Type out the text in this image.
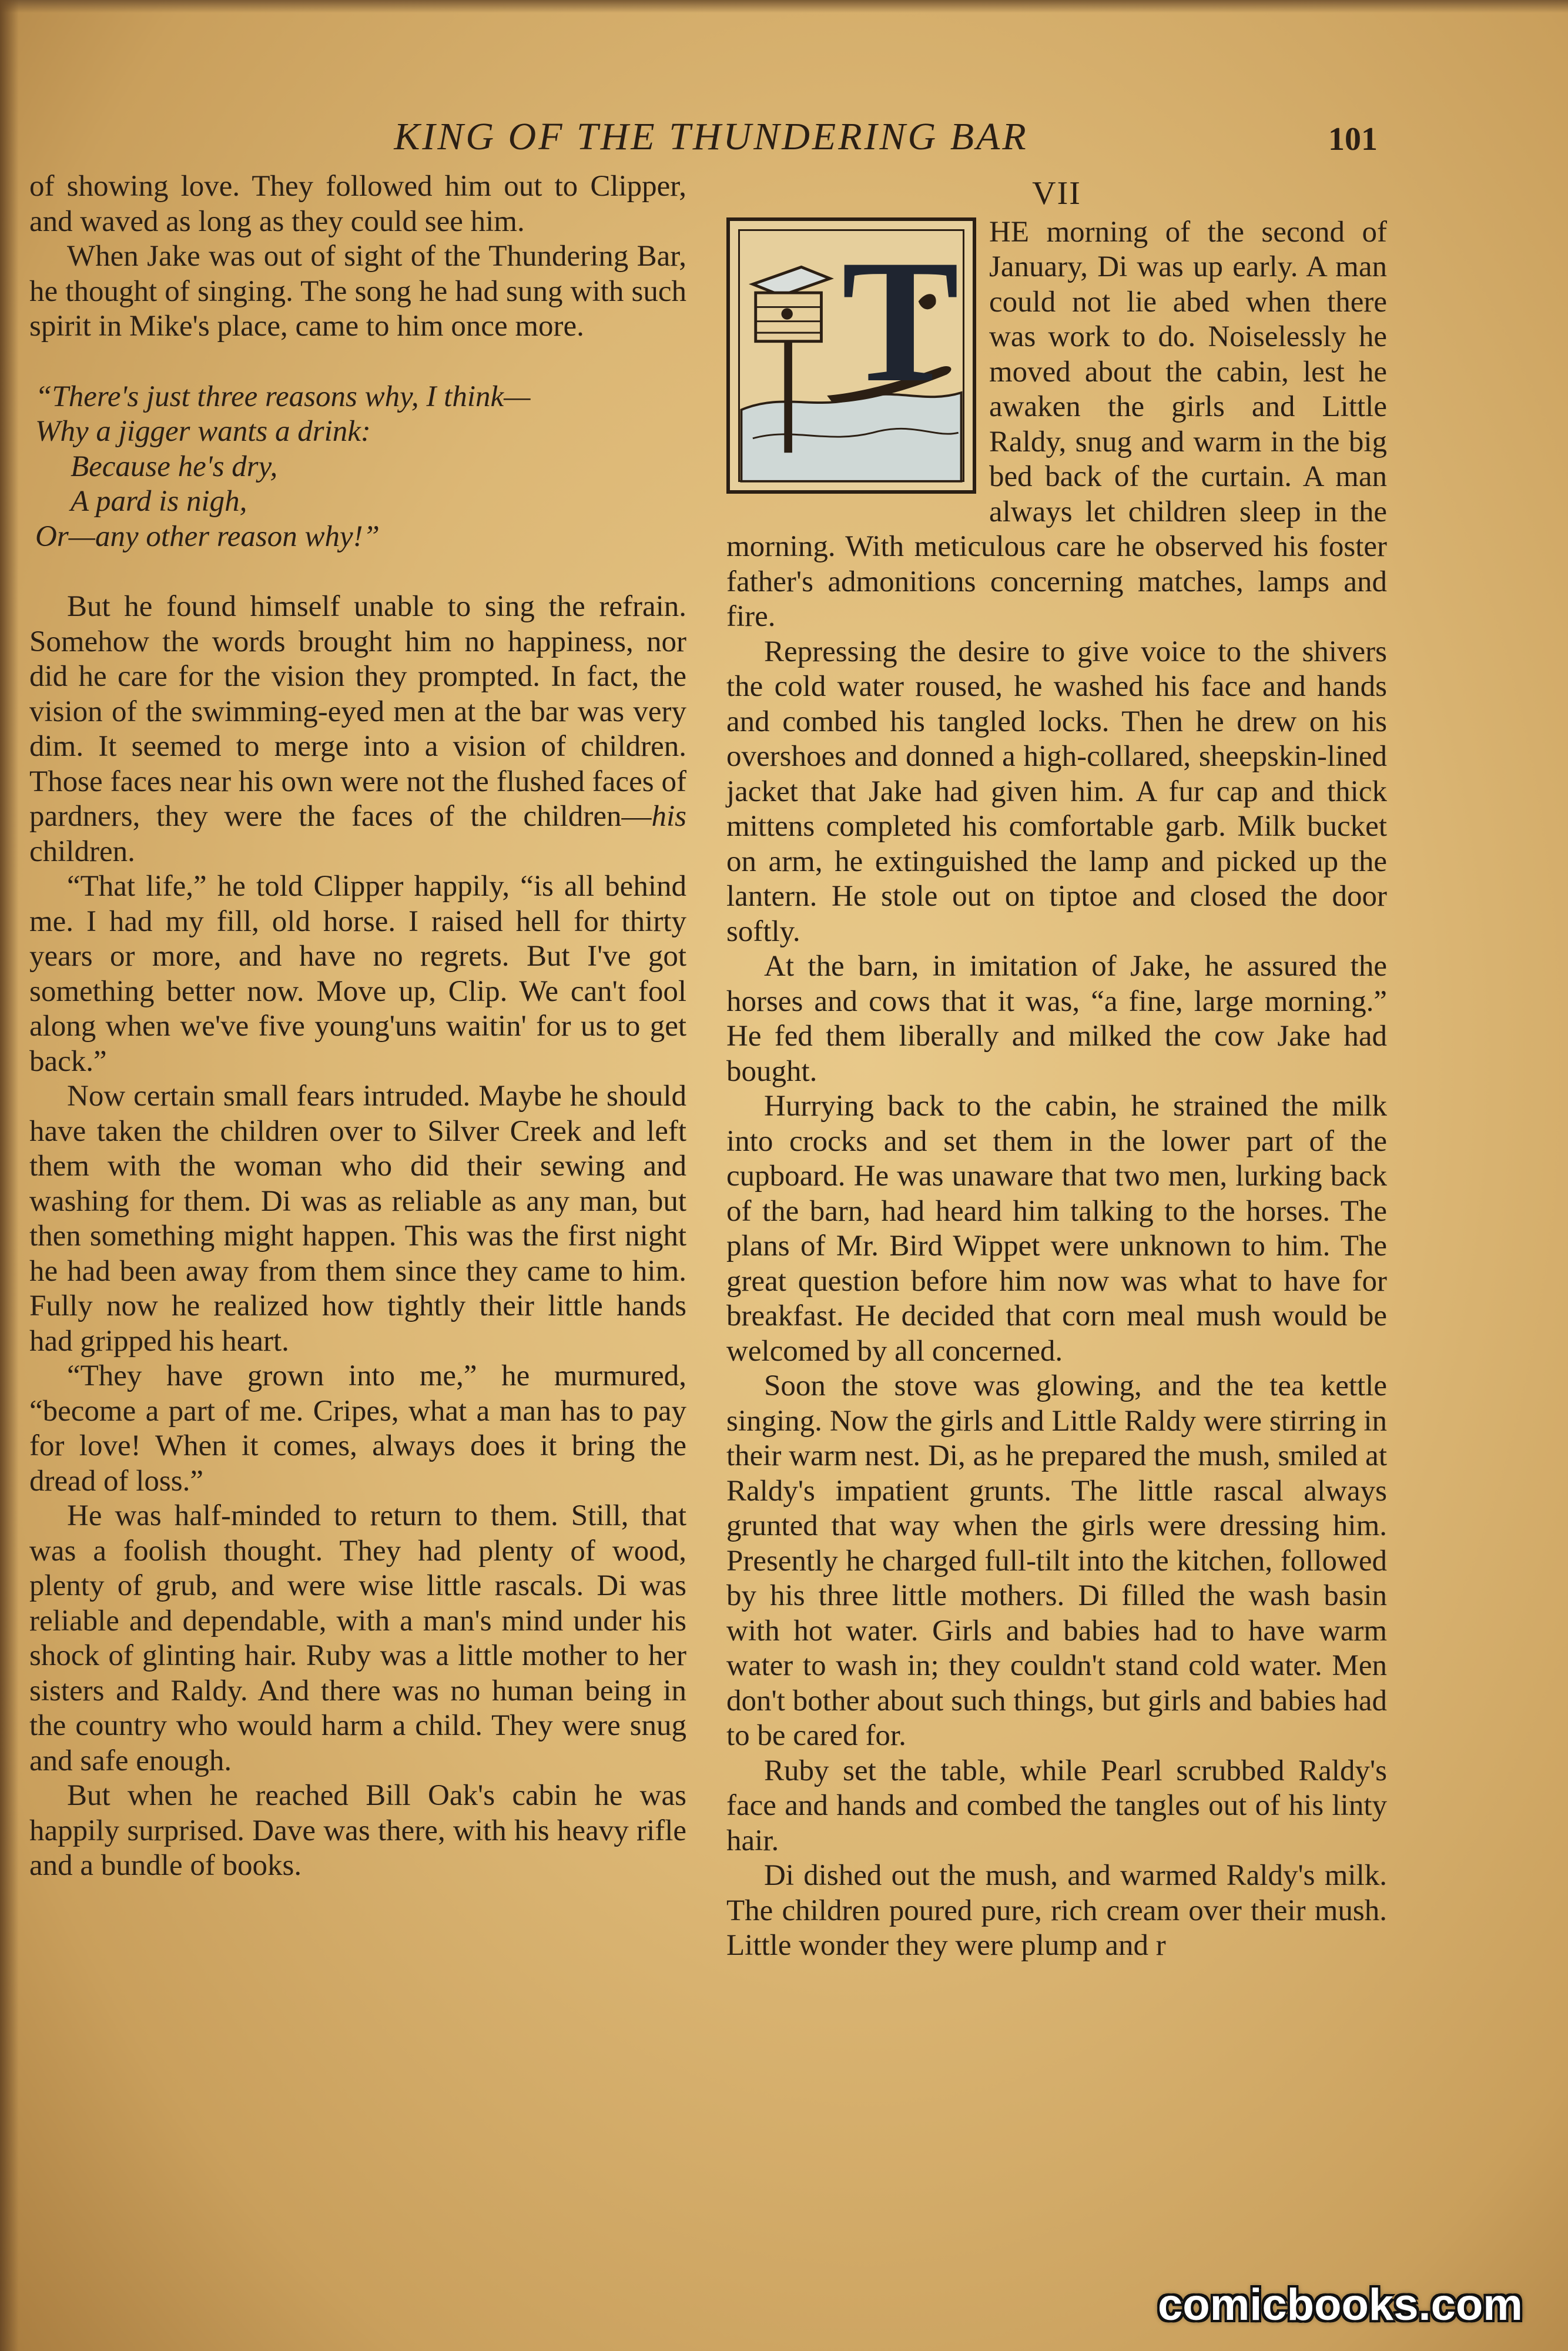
KING OF THE THUNDERING BAR	101

of showing love. They followed him out to Clipper, and waved as long as they could see him.

When Jake was out of sight of the Thundering Bar, he thought of singing. The song he had sung with such spirit in Mike's place, came to him once more.

“There's just three reasons why, I think—
Why a jigger wants a drink:
Because he's dry,
A pard is nigh,
Or—any other reason why!”

But he found himself unable to sing the refrain. Somehow the words brought him no happiness, nor did he care for the vision they prompted. In fact, the vision of the swimming-eyed men at the bar was very dim. It seemed to merge into a vision of children. Those faces near his own were not the flushed faces of pardners, they were the faces of the children—his children.

“That life,” he told Clipper happily, “is all behind me. I had my fill, old horse. I raised hell for thirty years or more, and have no regrets. But I've got something better now. Move up, Clip. We can't fool along when we've five young'uns waitin' for us to get back.”

Now certain small fears intruded. Maybe he should have taken the children over to Silver Creek and left them with the woman who did their sewing and washing for them. Di was as reliable as any man, but then something might happen. This was the first night he had been away from them since they came to him. Fully now he realized how tightly their little hands had gripped his heart.

“They have grown into me,” he murmured, “become a part of me. Cripes, what a man has to pay for love! When it comes, always does it bring the dread of loss.”

He was half-minded to return to them. Still, that was a foolish thought. They had plenty of wood, plenty of grub, and were wise little rascals. Di was reliable and dependable, with a man's mind under his shock of glinting hair. Ruby was a little mother to her sisters and Raldy. And there was no human being in the country who would harm a child. They were snug and safe enough.

But when he reached Bill Oak's cabin he was happily surprised. Dave was there, with his heavy rifle and a bundle of books.

VII
T HE morning of the second of January, Di was up early. A man could not lie abed when there was work to do. Noiselessly he moved about the cabin, lest he awaken the girls and Little Raldy, snug and warm in the big bed back of the curtain. A man always let children sleep in the morning. With meticulous care he observed his foster father's admonitions concerning matches, lamps and fire.

Repressing the desire to give voice to the shivers the cold water roused, he washed his face and hands and combed his tangled locks. Then he drew on his overshoes and donned a high-collared, sheepskin-lined jacket that Jake had given him. A fur cap and thick mittens completed his comfortable garb. Milk bucket on arm, he extinguished the lamp and picked up the lantern. He stole out on tiptoe and closed the door softly.

At the barn, in imitation of Jake, he assured the horses and cows that it was, “a fine, large morning.” He fed them liberally and milked the cow Jake had bought.

Hurrying back to the cabin, he strained the milk into crocks and set them in the lower part of the cupboard. He was unaware that two men, lurking back of the barn, had heard him talking to the horses. The plans of Mr. Bird Wippet were unknown to him. The great question before him now was what to have for breakfast. He decided that corn meal mush would be welcomed by all concerned.

Soon the stove was glowing, and the tea kettle singing. Now the girls and Little Raldy were stirring in their warm nest. Di, as he prepared the mush, smiled at Raldy's impatient grunts. The little rascal always grunted that way when the girls were dressing him. Presently he charged full-tilt into the kitchen, followed by his three little mothers. Di filled the wash basin with hot water. Girls and babies had to have warm water to wash in; they couldn't stand cold water. Men don't bother about such things, but girls and babies had to be cared for.

Ruby set the table, while Pearl scrubbed Raldy's face and hands and combed the tangles out of his linty hair.

Di dished out the mush, and warmed Raldy's milk. The children poured pure, rich cream over their mush. Little wonder they were plump and r

comicbooks.com
